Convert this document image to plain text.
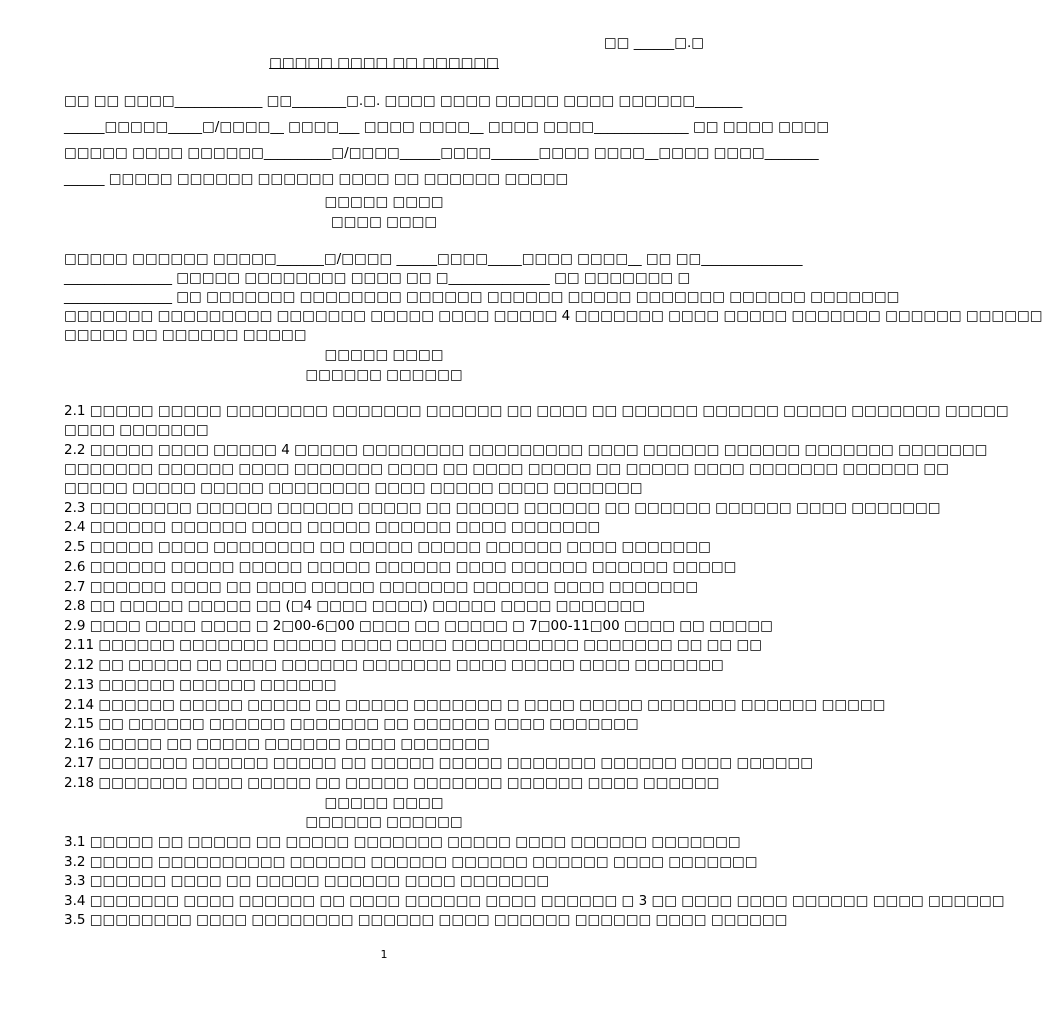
□□ ______□.□
□□□□□ □□□□ □□ □□□□□□
□□ □□ □□□□_____________ □□________□.□. □□□□ □□□□ □□□□□ □□□□ □□□□□□_______
______□□□□□_____□/□□□□__ □□□□___ □□□□ □□□□__ □□□□ □□□□______________ □□ □□□□ □□□□
□□□□□ □□□□ □□□□□□__________□/□□□□______□□□□_______□□□□ □□□□__□□□□ □□□□________
______ □□□□□ □□□□□□ □□□□□□ □□□□ □□ □□□□□□ □□□□□
□□□□□ □□□□
□□□□ □□□□
□□□□□ □□□□□□ □□□□□_______□/□□□□ ______□□□□_____□□□□ □□□□__ □□ □□_______________
________________ □□□□□ □□□□□□□□ □□□□ □□ □_______________ □□ □□□□□□□ □
________________ □□ □□□□□□□ □□□□□□□□ □□□□□□ □□□□□□ □□□□□ □□□□□□□ □□□□□□ □□□□□□□
□□□□□□□ □□□□□□□□□ □□□□□□□ □□□□□ □□□□ □□□□□ 4 □□□□□□□ □□□□ □□□□□ □□□□□□□ □□□□□□ □□□□□□
□□□□□ □□ □□□□□□ □□□□□
□□□□□ □□□□
□□□□□□ □□□□□□
2.1 □□□□□ □□□□□ □□□□□□□□ □□□□□□□ □□□□□□ □□ □□□□ □□ □□□□□□ □□□□□□ □□□□□ □□□□□□□ □□□□□
□□□□ □□□□□□□
2.2 □□□□□ □□□□ □□□□□ 4 □□□□□ □□□□□□□□ □□□□□□□□□ □□□□ □□□□□□ □□□□□□ □□□□□□□ □□□□□□□
□□□□□□□ □□□□□□ □□□□ □□□□□□□ □□□□ □□ □□□□ □□□□□ □□ □□□□□ □□□□ □□□□□□□ □□□□□□ □□
□□□□□ □□□□□ □□□□□ □□□□□□□□ □□□□ □□□□□ □□□□ □□□□□□□
2.3 □□□□□□□□ □□□□□□ □□□□□□ □□□□□ □□ □□□□□ □□□□□□ □□ □□□□□□ □□□□□□ □□□□ □□□□□□□
2.4 □□□□□□ □□□□□□ □□□□ □□□□□ □□□□□□ □□□□ □□□□□□□
2.5 □□□□□ □□□□ □□□□□□□□ □□ □□□□□ □□□□□ □□□□□□ □□□□ □□□□□□□
2.6 □□□□□□ □□□□□ □□□□□ □□□□□ □□□□□□ □□□□ □□□□□□ □□□□□□ □□□□□
2.7 □□□□□□ □□□□ □□ □□□□ □□□□□ □□□□□□□ □□□□□□ □□□□ □□□□□□□
2.8 □□ □□□□□ □□□□□ □□ (□4 □□□□ □□□□) □□□□□ □□□□ □□□□□□□
2.9 □□□□ □□□□ □□□□ □ 2□00-6□00 □□□□ □□ □□□□□ □ 7□00-11□00 □□□□ □□ □□□□□
2.11 □□□□□□ □□□□□□□ □□□□□ □□□□ □□□□ □□□□□□□□□□ □□□□□□□ □□ □□ □□
2.12 □□ □□□□□ □□ □□□□ □□□□□□ □□□□□□□ □□□□ □□□□□ □□□□ □□□□□□□
2.13 □□□□□□ □□□□□□ □□□□□□
2.14 □□□□□□ □□□□□ □□□□□ □□ □□□□□ □□□□□□□ □ □□□□ □□□□□ □□□□□□□ □□□□□□ □□□□□
2.15 □□ □□□□□□ □□□□□□ □□□□□□□ □□ □□□□□□ □□□□ □□□□□□□
2.16 □□□□□ □□ □□□□□ □□□□□□ □□□□ □□□□□□□
2.17 □□□□□□□ □□□□□□ □□□□□ □□ □□□□□ □□□□□ □□□□□□□ □□□□□□ □□□□ □□□□□□
2.18 □□□□□□□ □□□□ □□□□□ □□ □□□□□ □□□□□□□ □□□□□□ □□□□ □□□□□□
□□□□□ □□□□
□□□□□□ □□□□□□
3.1 □□□□□ □□ □□□□□ □□ □□□□□ □□□□□□□ □□□□□ □□□□ □□□□□□ □□□□□□□
3.2 □□□□□ □□□□□□□□□□ □□□□□□ □□□□□□ □□□□□□ □□□□□□ □□□□ □□□□□□□
3.3 □□□□□□ □□□□ □□ □□□□□ □□□□□□ □□□□ □□□□□□□
3.4 □□□□□□□ □□□□ □□□□□□ □□ □□□□ □□□□□□ □□□□ □□□□□□ □ 3 □□ □□□□ □□□□ □□□□□□ □□□□ □□□□□□
3.5 □□□□□□□□ □□□□ □□□□□□□□ □□□□□□ □□□□ □□□□□□ □□□□□□ □□□□ □□□□□□
1
